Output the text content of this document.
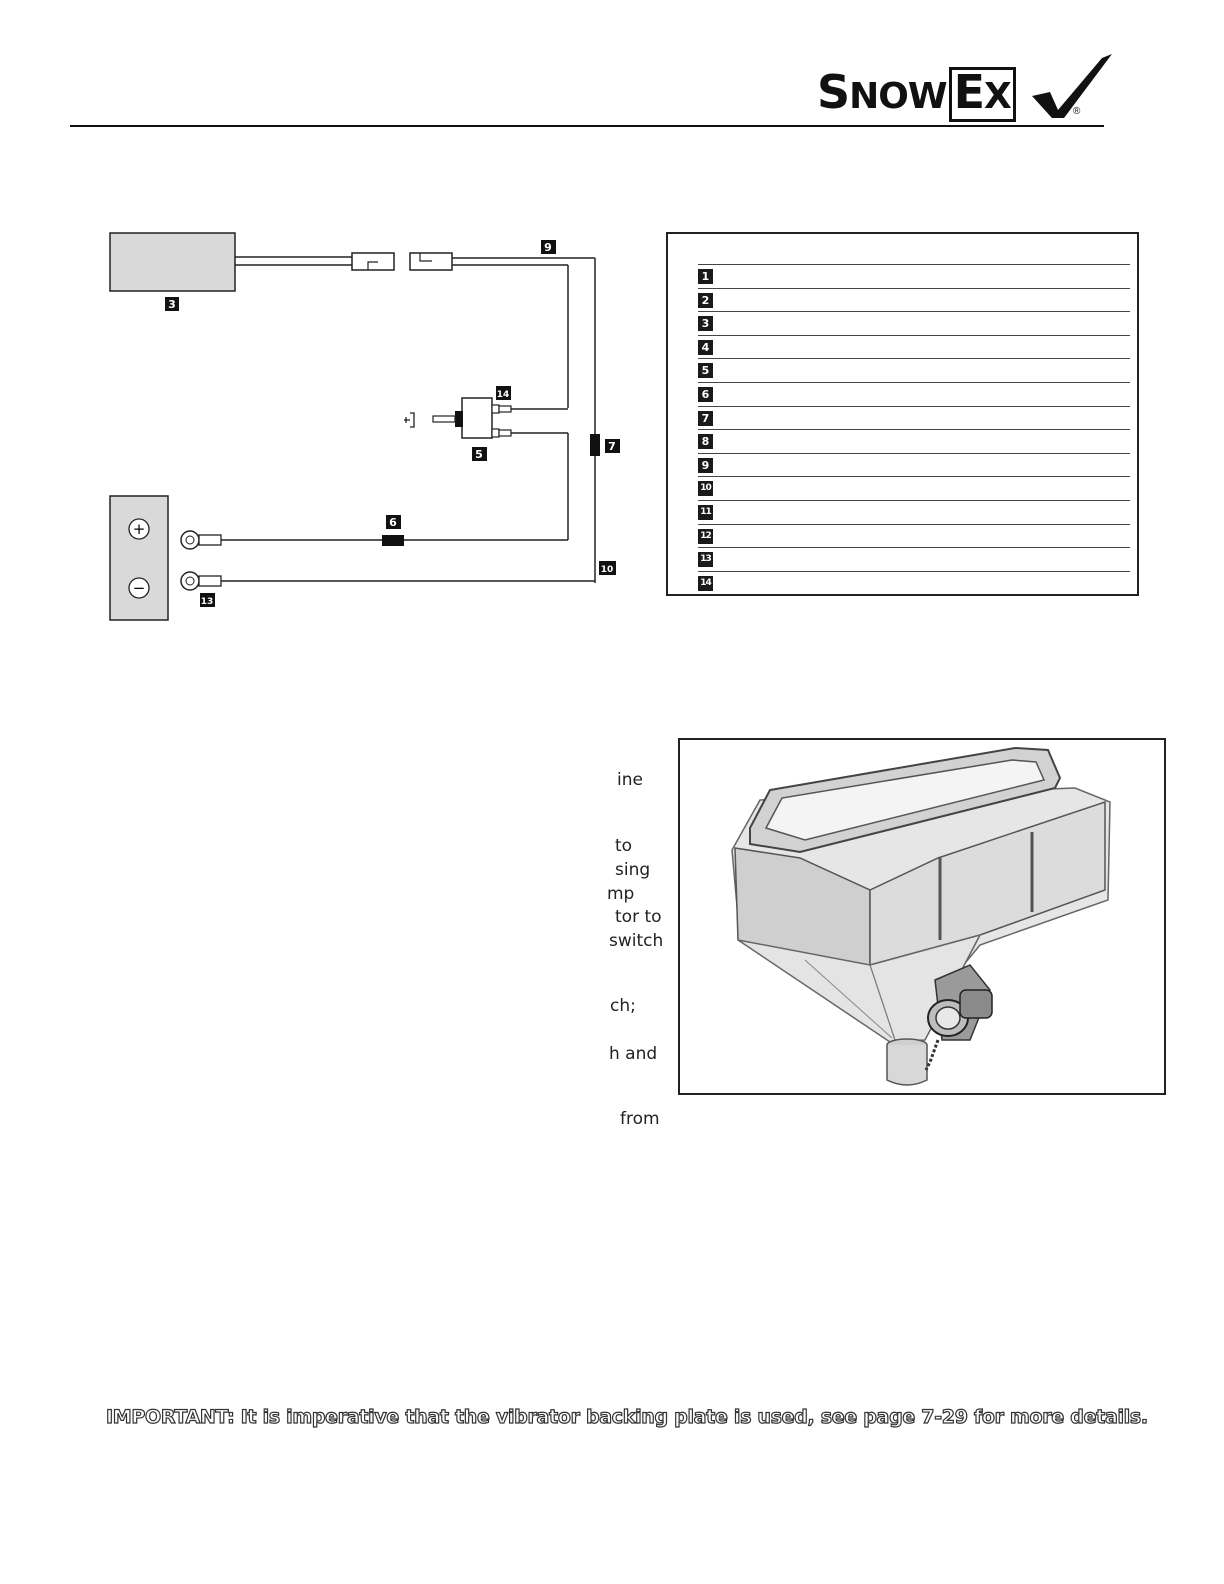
SNOW EX	®
+
−
3
9
14
5
7
6
10
13
1
2
3
4
5
6
7
8
9
10
11
12
13
14
ine
to
sing
mp
tor to
switch
ch;
h and
from
IMPORTANT: It is imperative that the vibrator backing plate is used, see page 7-29 for more details.
